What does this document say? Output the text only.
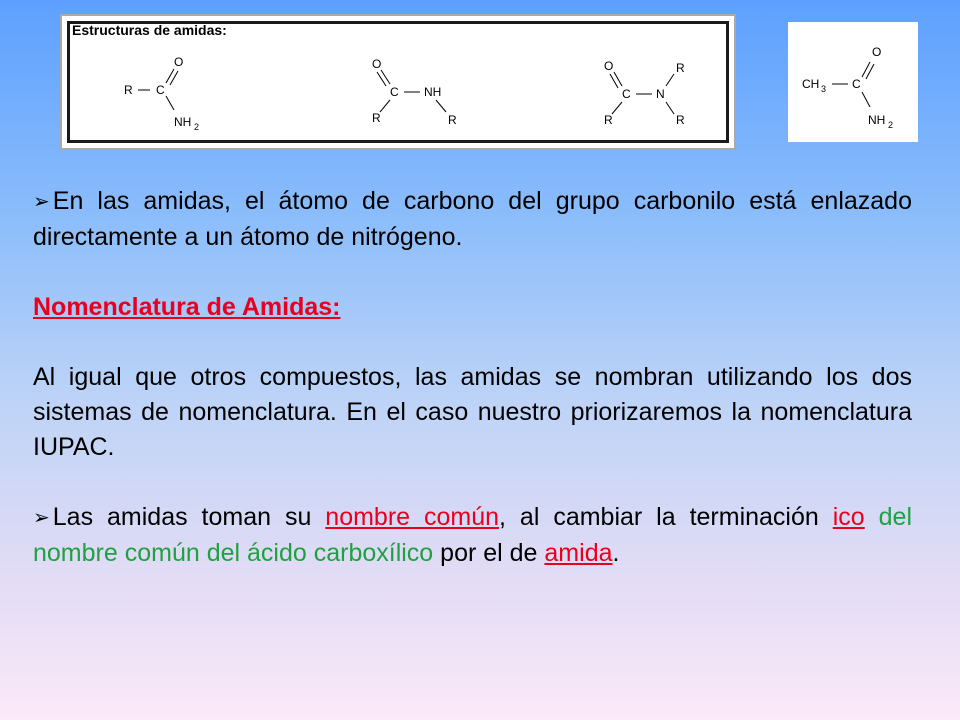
Estructuras de amidas:
R C
O
NH 2
O
C NH
R	R
O
C N
R
R	R
CH 3 C
O
NH 2

➢ En las amidas, el átomo de carbono del grupo carbonilo está enlazado directamente a un átomo de nitrógeno.

Nomenclatura de Amidas:

Al igual que otros compuestos, las amidas se nombran utilizando los dos sistemas de nomenclatura. En el caso nuestro priorizaremos la nomenclatura IUPAC.

➢ Las amidas toman su nombre común, al cambiar la terminación ico del nombre común del ácido carboxílico por el de amida.
